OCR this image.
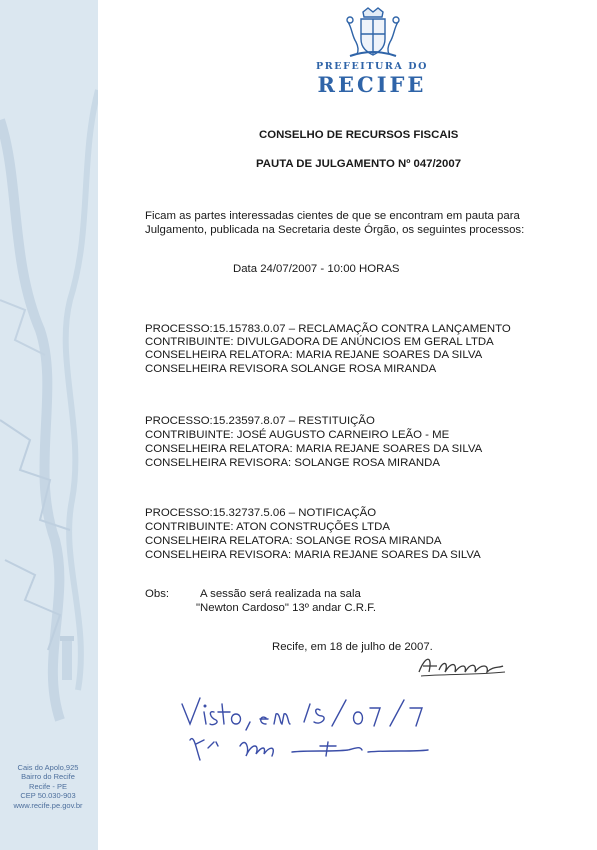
Cais do Apolo,925
Bairro do Recife
Recife - PE
CEP 50.030-903
www.recife.pe.gov.br
PREFEITURA DO
RECIFE
CONSELHO DE RECURSOS FISCAIS
PAUTA DE JULGAMENTO Nº 047/2007
Ficam as partes interessadas cientes de que se encontram em pauta para
Julgamento, publicada na Secretaria deste Órgão, os seguintes processos:
Data 24/07/2007 - 10:00 HORAS
PROCESSO:15.15783.0.07 – RECLAMAÇÃO CONTRA LANÇAMENTO
CONTRIBUINTE: DIVULGADORA DE ANÚNCIOS EM GERAL LTDA
CONSELHEIRA RELATORA: MARIA REJANE SOARES DA SILVA
CONSELHEIRA REVISORA SOLANGE ROSA MIRANDA
PROCESSO:15.23597.8.07 – RESTITUIÇÃO
CONTRIBUINTE: JOSÉ AUGUSTO CARNEIRO LEÃO - ME
CONSELHEIRA RELATORA: MARIA REJANE SOARES DA SILVA
CONSELHEIRA REVISORA: SOLANGE ROSA MIRANDA
PROCESSO:15.32737.5.06 – NOTIFICAÇÃO
CONTRIBUINTE: ATON CONSTRUÇÕES LTDA
CONSELHEIRA RELATORA: SOLANGE ROSA MIRANDA
CONSELHEIRA REVISORA: MARIA REJANE SOARES DA SILVA
Obs:	A sessão será realizada na sala
"Newton Cardoso" 13º andar C.R.F.
Recife, em 18 de julho de 2007.
